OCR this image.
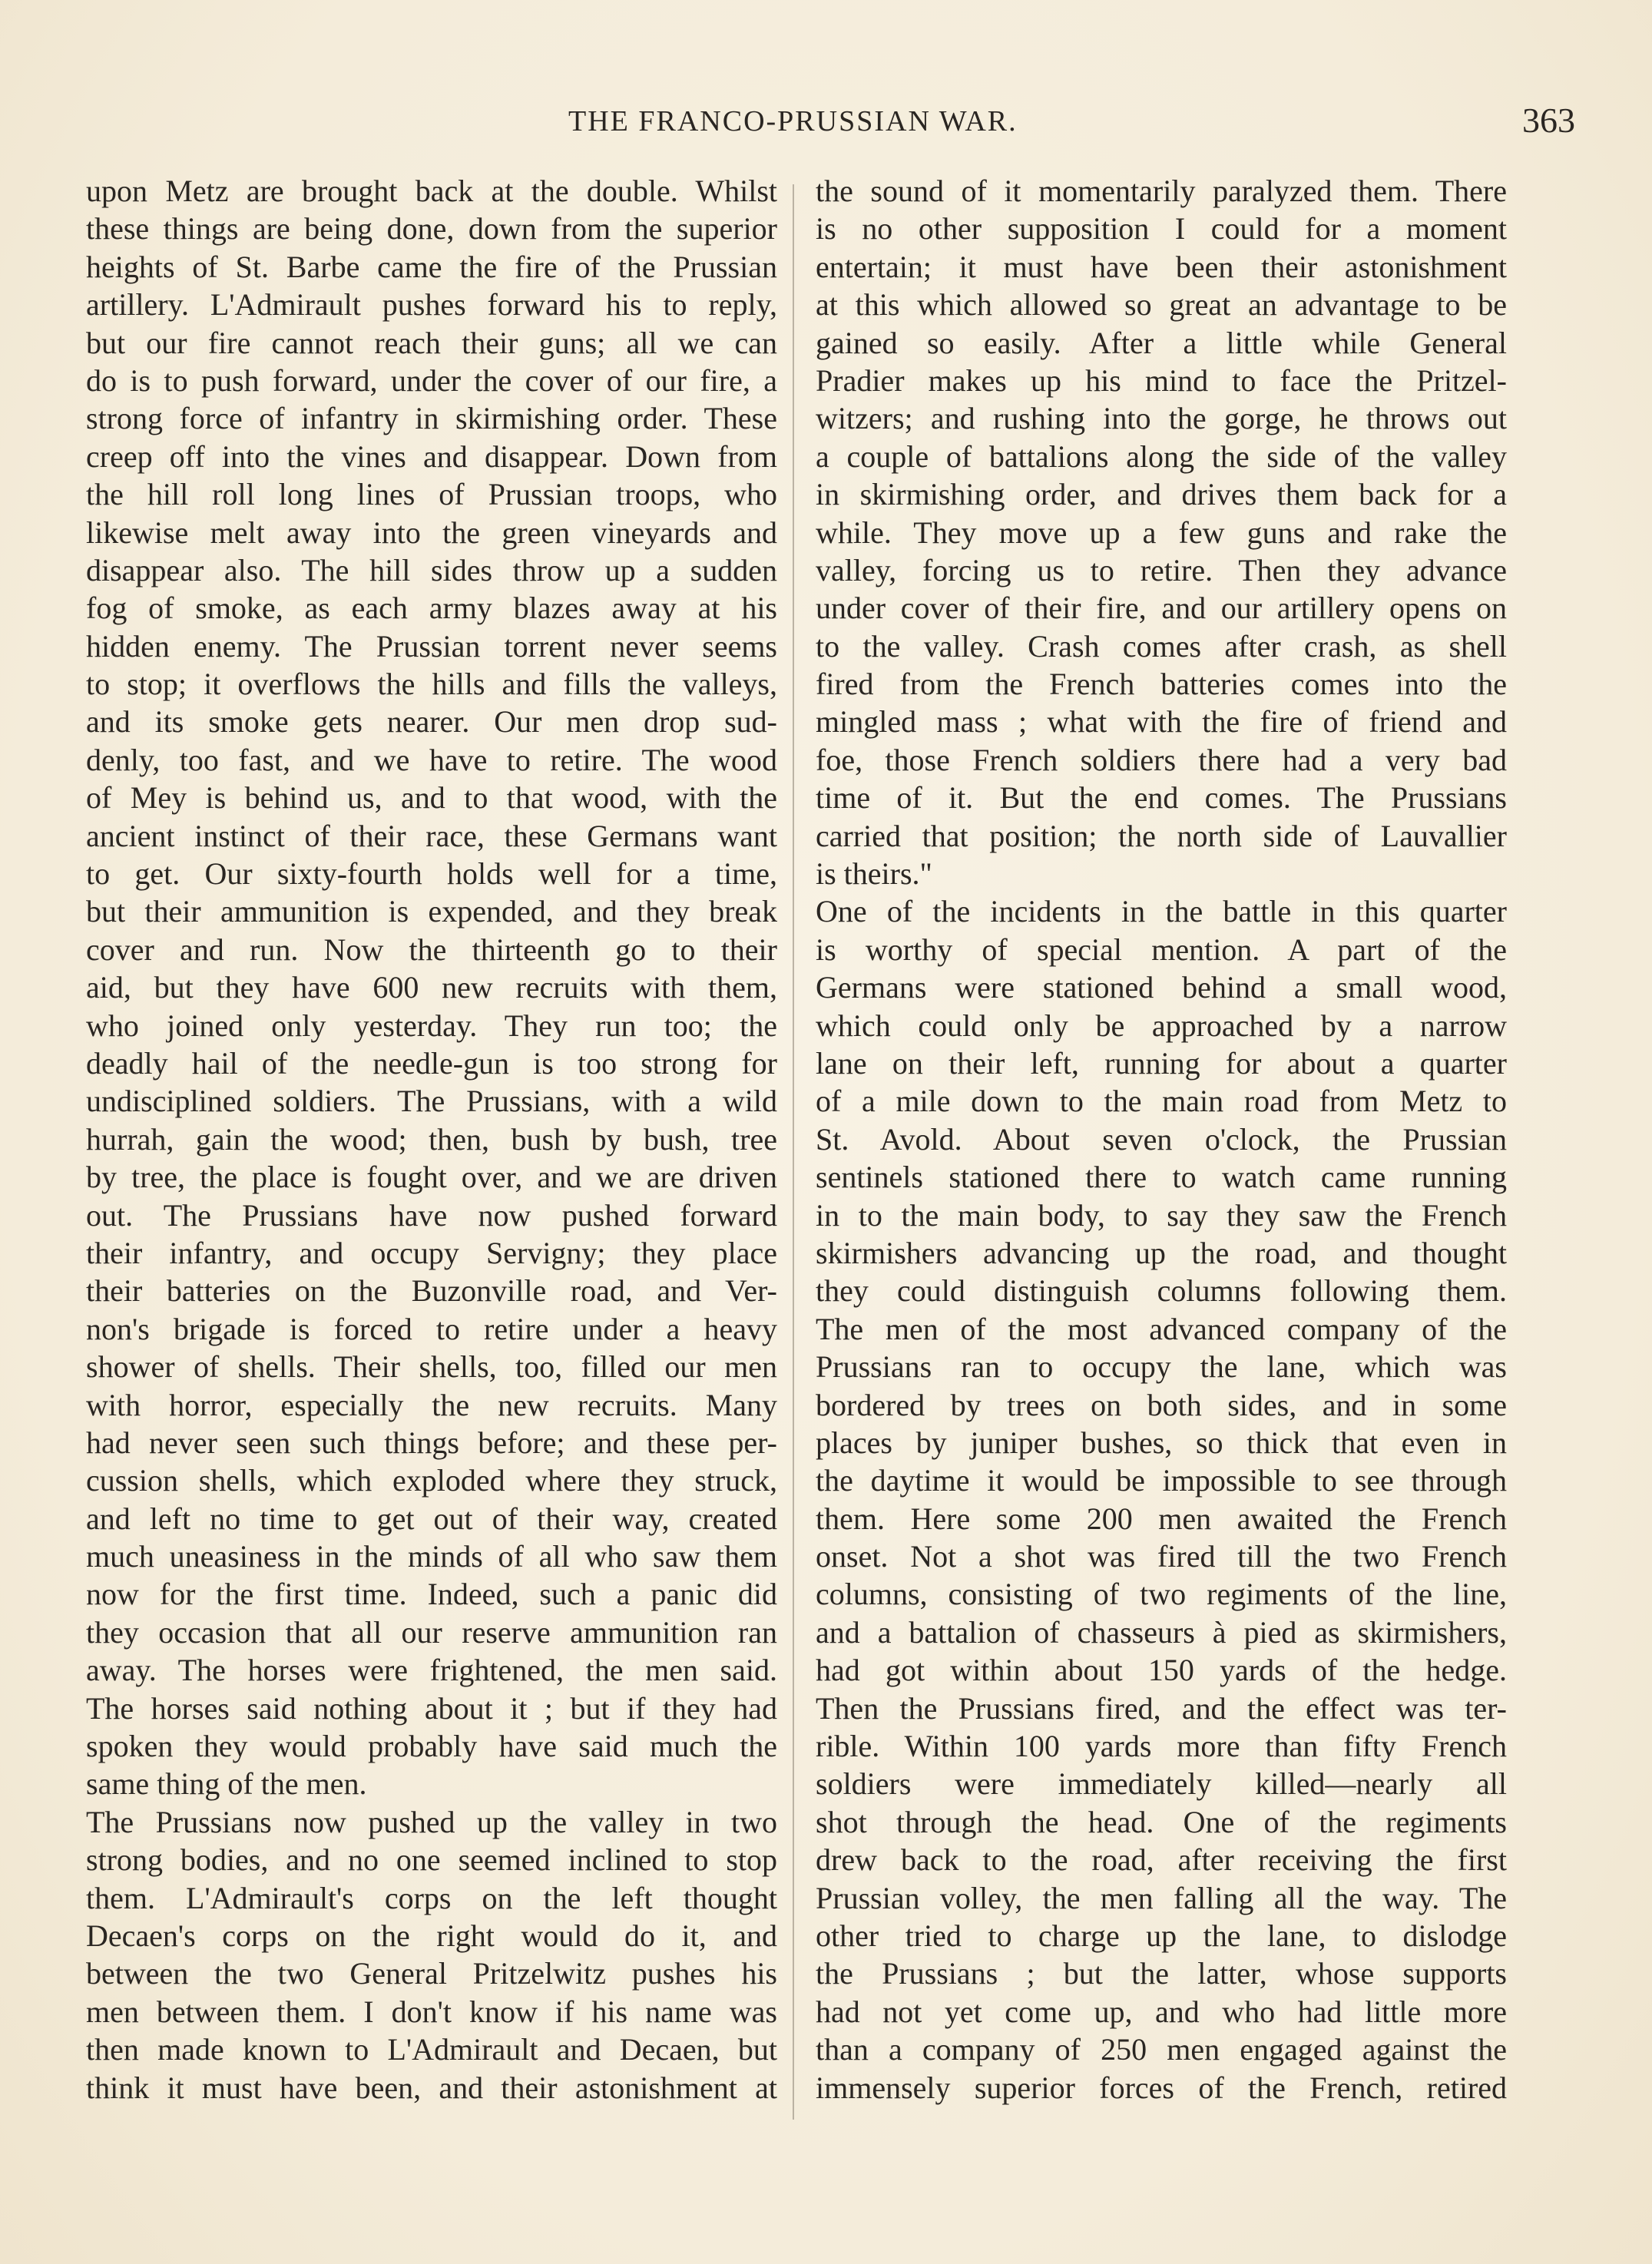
THE FRANCO-PRUSSIAN WAR.	363
upon Metz are brought back at the double. Whilst
these things are being done, down from the superior
heights of St. Barbe came the fire of the Prussian
artillery. L'Admirault pushes forward his to reply,
but our fire cannot reach their guns; all we can
do is to push forward, under the cover of our fire, a
strong force of infantry in skirmishing order. These
creep off into the vines and disappear. Down from
the hill roll long lines of Prussian troops, who
likewise melt away into the green vineyards and
disappear also. The hill sides throw up a sudden
fog of smoke, as each army blazes away at his
hidden enemy. The Prussian torrent never seems
to stop; it overflows the hills and fills the valleys,
and its smoke gets nearer. Our men drop sud-
denly, too fast, and we have to retire. The wood
of Mey is behind us, and to that wood, with the
ancient instinct of their race, these Germans want
to get. Our sixty-fourth holds well for a time,
but their ammunition is expended, and they break
cover and run. Now the thirteenth go to their
aid, but they have 600 new recruits with them,
who joined only yesterday. They run too; the
deadly hail of the needle-gun is too strong for
undisciplined soldiers. The Prussians, with a wild
hurrah, gain the wood; then, bush by bush, tree
by tree, the place is fought over, and we are driven
out. The Prussians have now pushed forward
their infantry, and occupy Servigny; they place
their batteries on the Buzonville road, and Ver-
non's brigade is forced to retire under a heavy
shower of shells. Their shells, too, filled our men
with horror, especially the new recruits. Many
had never seen such things before; and these per-
cussion shells, which exploded where they struck,
and left no time to get out of their way, created
much uneasiness in the minds of all who saw them
now for the first time. Indeed, such a panic did
they occasion that all our reserve ammunition ran
away. The horses were frightened, the men said.
The horses said nothing about it ; but if they had
spoken they would probably have said much the
same thing of the men.
The Prussians now pushed up the valley in two
strong bodies, and no one seemed inclined to stop
them. L'Admirault's corps on the left thought
Decaen's corps on the right would do it, and
between the two General Pritzelwitz pushes his
men between them. I don't know if his name was
then made known to L'Admirault and Decaen, but
think it must have been, and their astonishment at
the sound of it momentarily paralyzed them. There
is no other supposition I could for a moment
entertain; it must have been their astonishment
at this which allowed so great an advantage to be
gained so easily. After a little while General
Pradier makes up his mind to face the Pritzel-
witzers; and rushing into the gorge, he throws out
a couple of battalions along the side of the valley
in skirmishing order, and drives them back for a
while. They move up a few guns and rake the
valley, forcing us to retire. Then they advance
under cover of their fire, and our artillery opens on
to the valley. Crash comes after crash, as shell
fired from the French batteries comes into the
mingled mass ; what with the fire of friend and
foe, those French soldiers there had a very bad
time of it. But the end comes. The Prussians
carried that position; the north side of Lauvallier
is theirs."
One of the incidents in the battle in this quarter
is worthy of special mention. A part of the
Germans were stationed behind a small wood,
which could only be approached by a narrow
lane on their left, running for about a quarter
of a mile down to the main road from Metz to
St. Avold. About seven o'clock, the Prussian
sentinels stationed there to watch came running
in to the main body, to say they saw the French
skirmishers advancing up the road, and thought
they could distinguish columns following them.
The men of the most advanced company of the
Prussians ran to occupy the lane, which was
bordered by trees on both sides, and in some
places by juniper bushes, so thick that even in
the daytime it would be impossible to see through
them. Here some 200 men awaited the French
onset. Not a shot was fired till the two French
columns, consisting of two regiments of the line,
and a battalion of chasseurs à pied as skirmishers,
had got within about 150 yards of the hedge.
Then the Prussians fired, and the effect was ter-
rible. Within 100 yards more than fifty French
soldiers were immediately killed—nearly all
shot through the head. One of the regiments
drew back to the road, after receiving the first
Prussian volley, the men falling all the way. The
other tried to charge up the lane, to dislodge
the Prussians ; but the latter, whose supports
had not yet come up, and who had little more
than a company of 250 men engaged against the
immensely superior forces of the French, retired
